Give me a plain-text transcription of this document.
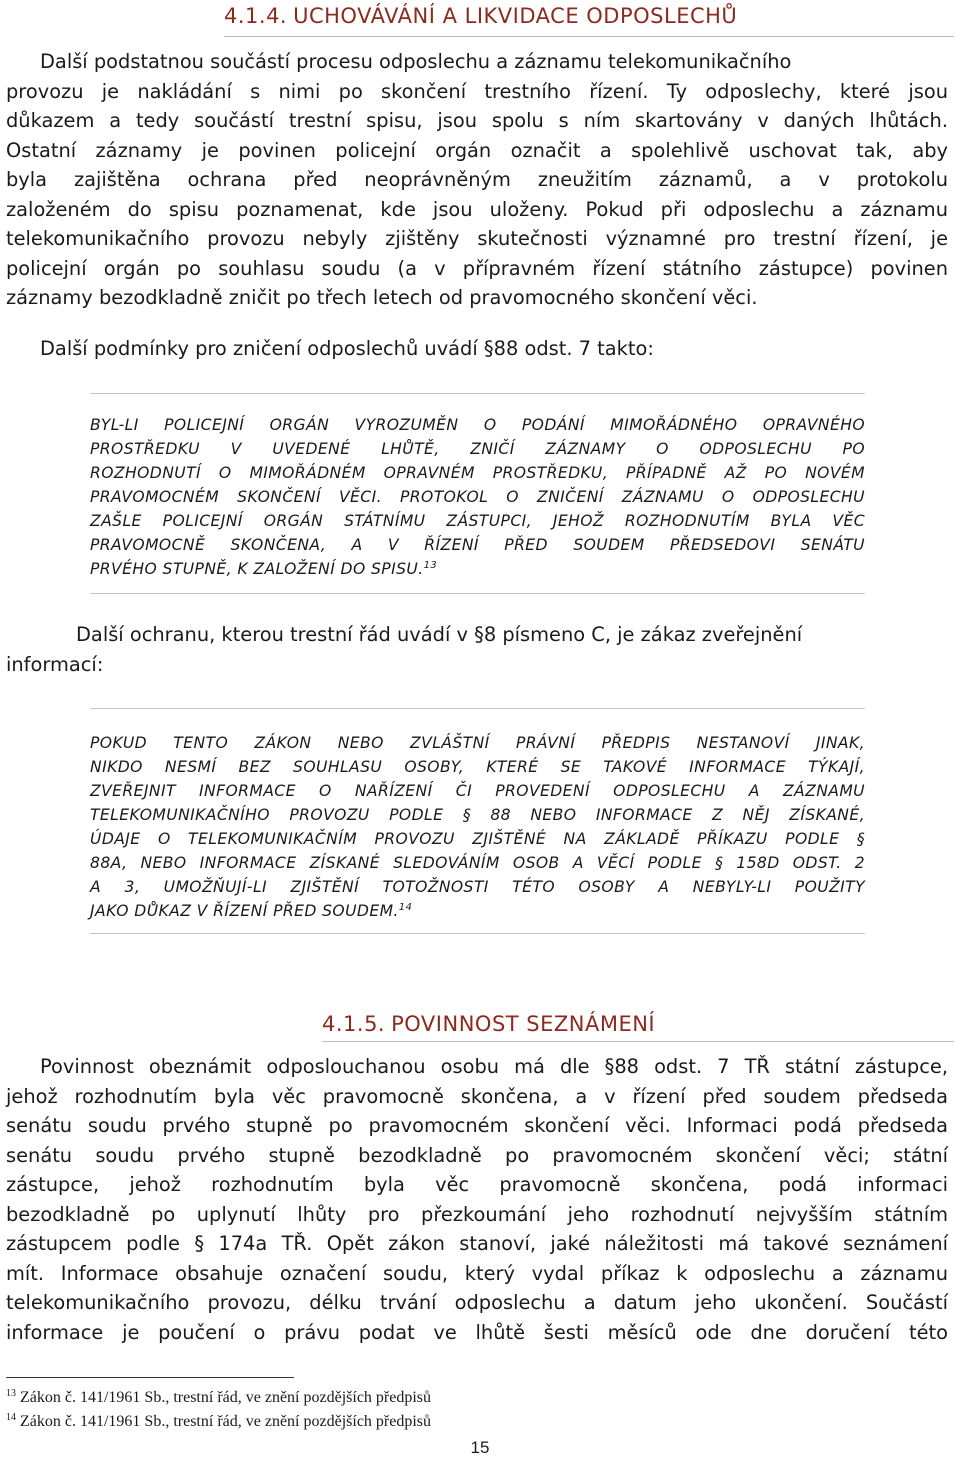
4.1.4. UCHOVÁVÁNÍ A LIKVIDACE ODPOSLECHŮ
Další podstatnou součástí procesu odposlechu a záznamu telekomunikačního
provozu je nakládání s nimi po skončení trestního řízení. Ty odposlechy, které jsou
důkazem a tedy součástí trestní spisu, jsou spolu s ním skartovány v daných lhůtách.
Ostatní záznamy je povinen policejní orgán označit a spolehlivě uschovat tak, aby
byla zajištěna ochrana před neoprávněným zneužitím záznamů, a v protokolu
založeném do spisu poznamenat, kde jsou uloženy. Pokud při odposlechu a záznamu
telekomunikačního provozu nebyly zjištěny skutečnosti významné pro trestní řízení, je
policejní orgán po souhlasu soudu (a v přípravném řízení státního zástupce) povinen
záznamy bezodkladně zničit po třech letech od pravomocného skončení věci.
Další podmínky pro zničení odposlechů uvádí §88 odst. 7 takto:
BYL-LI POLICEJNÍ ORGÁN VYROZUMĚN O PODÁNÍ MIMOŘÁDNÉHO OPRAVNÉHO
PROSTŘEDKU V UVEDENÉ LHŮTĚ, ZNIČÍ ZÁZNAMY O ODPOSLECHU PO
ROZHODNUTÍ O MIMOŘÁDNÉM OPRAVNÉM PROSTŘEDKU, PŘÍPADNĚ AŽ PO NOVÉM
PRAVOMOCNÉM SKONČENÍ VĚCI. PROTOKOL O ZNIČENÍ ZÁZNAMU O ODPOSLECHU
ZAŠLE POLICEJNÍ ORGÁN STÁTNÍMU ZÁSTUPCI, JEHOŽ ROZHODNUTÍM BYLA VĚC
PRAVOMOCNĚ SKONČENA, A V ŘÍZENÍ PŘED SOUDEM PŘEDSEDOVI SENÁTU
PRVÉHO STUPNĚ, K ZALOŽENÍ DO SPISU.$^{13}$
Další ochranu, kterou trestní řád uvádí v §8 písmeno C, je zákaz zveřejnění
informací:
POKUD TENTO ZÁKON NEBO ZVLÁŠTNÍ PRÁVNÍ PŘEDPIS NESTANOVÍ JINAK,
NIKDO NESMÍ BEZ SOUHLASU OSOBY, KTERÉ SE TAKOVÉ INFORMACE TÝKAJÍ,
ZVEŘEJNIT INFORMACE O NAŘÍZENÍ ČI PROVEDENÍ ODPOSLECHU A ZÁZNAMU
TELEKOMUNIKAČNÍHO PROVOZU PODLE § 88 NEBO INFORMACE Z NĚJ ZÍSKANÉ,
ÚDAJE O TELEKOMUNIKAČNÍM PROVOZU ZJIŠTĚNÉ NA ZÁKLADĚ PŘÍKAZU PODLE §
88A, NEBO INFORMACE ZÍSKANÉ SLEDOVÁNÍM OSOB A VĚCÍ PODLE § 158D ODST. 2
A 3, UMOŽŇUJÍ-LI ZJIŠTĚNÍ TOTOŽNOSTI TÉTO OSOBY A NEBYLY-LI POUŽITY
JAKO DŮKAZ V ŘÍZENÍ PŘED SOUDEM.$^{14}$
4.1.5. POVINNOST SEZNÁMENÍ
Povinnost obeznámit odposlouchanou osobu má dle §88 odst. 7 TŘ státní zástupce,
jehož rozhodnutím byla věc pravomocně skončena, a v řízení před soudem předseda
senátu soudu prvého stupně po pravomocném skončení věci. Informaci podá předseda
senátu soudu prvého stupně bezodkladně po pravomocném skončení věci; státní
zástupce, jehož rozhodnutím byla věc pravomocně skončena, podá informaci
bezodkladně po uplynutí lhůty pro přezkoumání jeho rozhodnutí nejvyšším státním
zástupcem podle § 174a TŘ. Opět zákon stanoví, jaké náležitosti má takové seznámení
mít. Informace obsahuje označení soudu, který vydal příkaz k odposlechu a záznamu
telekomunikačního provozu, délku trvání odposlechu a datum jeho ukončení. Součástí
informace je poučení o právu podat ve lhůtě šesti měsíců ode dne doručení této
$^{13}$ Zákon č. 141/1961 Sb., trestní řád, ve znění pozdějších předpisů
$^{14}$ Zákon č. 141/1961 Sb., trestní řád, ve znění pozdějších předpisů
15
